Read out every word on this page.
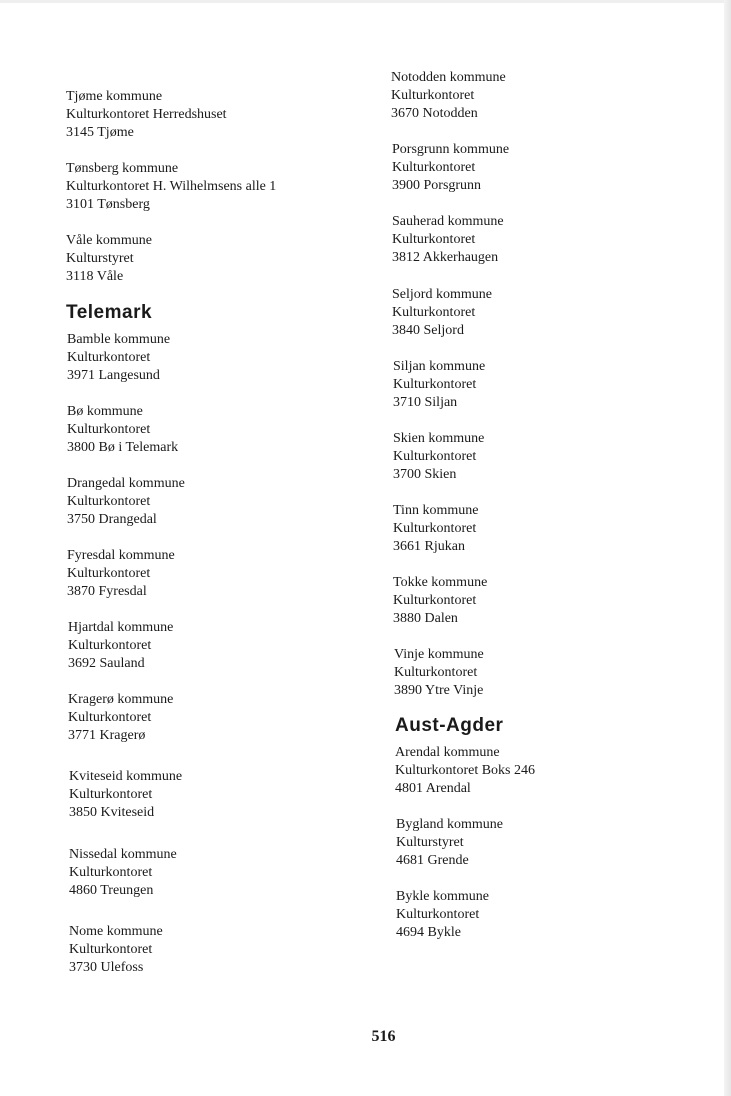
Tjøme kommune
Kulturkontoret Herredshuset
3145 Tjøme
Tønsberg kommune
Kulturkontoret H. Wilhelmsens alle 1
3101 Tønsberg
Våle kommune
Kulturstyret
3118 Våle
Telemark
Bamble kommune
Kulturkontoret
3971 Langesund
Bø kommune
Kulturkontoret
3800 Bø i Telemark
Drangedal kommune
Kulturkontoret
3750 Drangedal
Fyresdal kommune
Kulturkontoret
3870 Fyresdal
Hjartdal kommune
Kulturkontoret
3692 Sauland
Kragerø kommune
Kulturkontoret
3771 Kragerø
Kviteseid kommune
Kulturkontoret
3850 Kviteseid
Nissedal kommune
Kulturkontoret
4860 Treungen
Nome kommune
Kulturkontoret
3730 Ulefoss
Notodden kommune
Kulturkontoret
3670 Notodden
Porsgrunn kommune
Kulturkontoret
3900 Porsgrunn
Sauherad kommune
Kulturkontoret
3812 Akkerhaugen
Seljord kommune
Kulturkontoret
3840 Seljord
Siljan kommune
Kulturkontoret
3710 Siljan
Skien kommune
Kulturkontoret
3700 Skien
Tinn kommune
Kulturkontoret
3661 Rjukan
Tokke kommune
Kulturkontoret
3880 Dalen
Vinje kommune
Kulturkontoret
3890 Ytre Vinje
Aust-Agder
Arendal kommune
Kulturkontoret Boks 246
4801 Arendal
Bygland kommune
Kulturstyret
4681 Grende
Bykle kommune
Kulturkontoret
4694 Bykle
516
